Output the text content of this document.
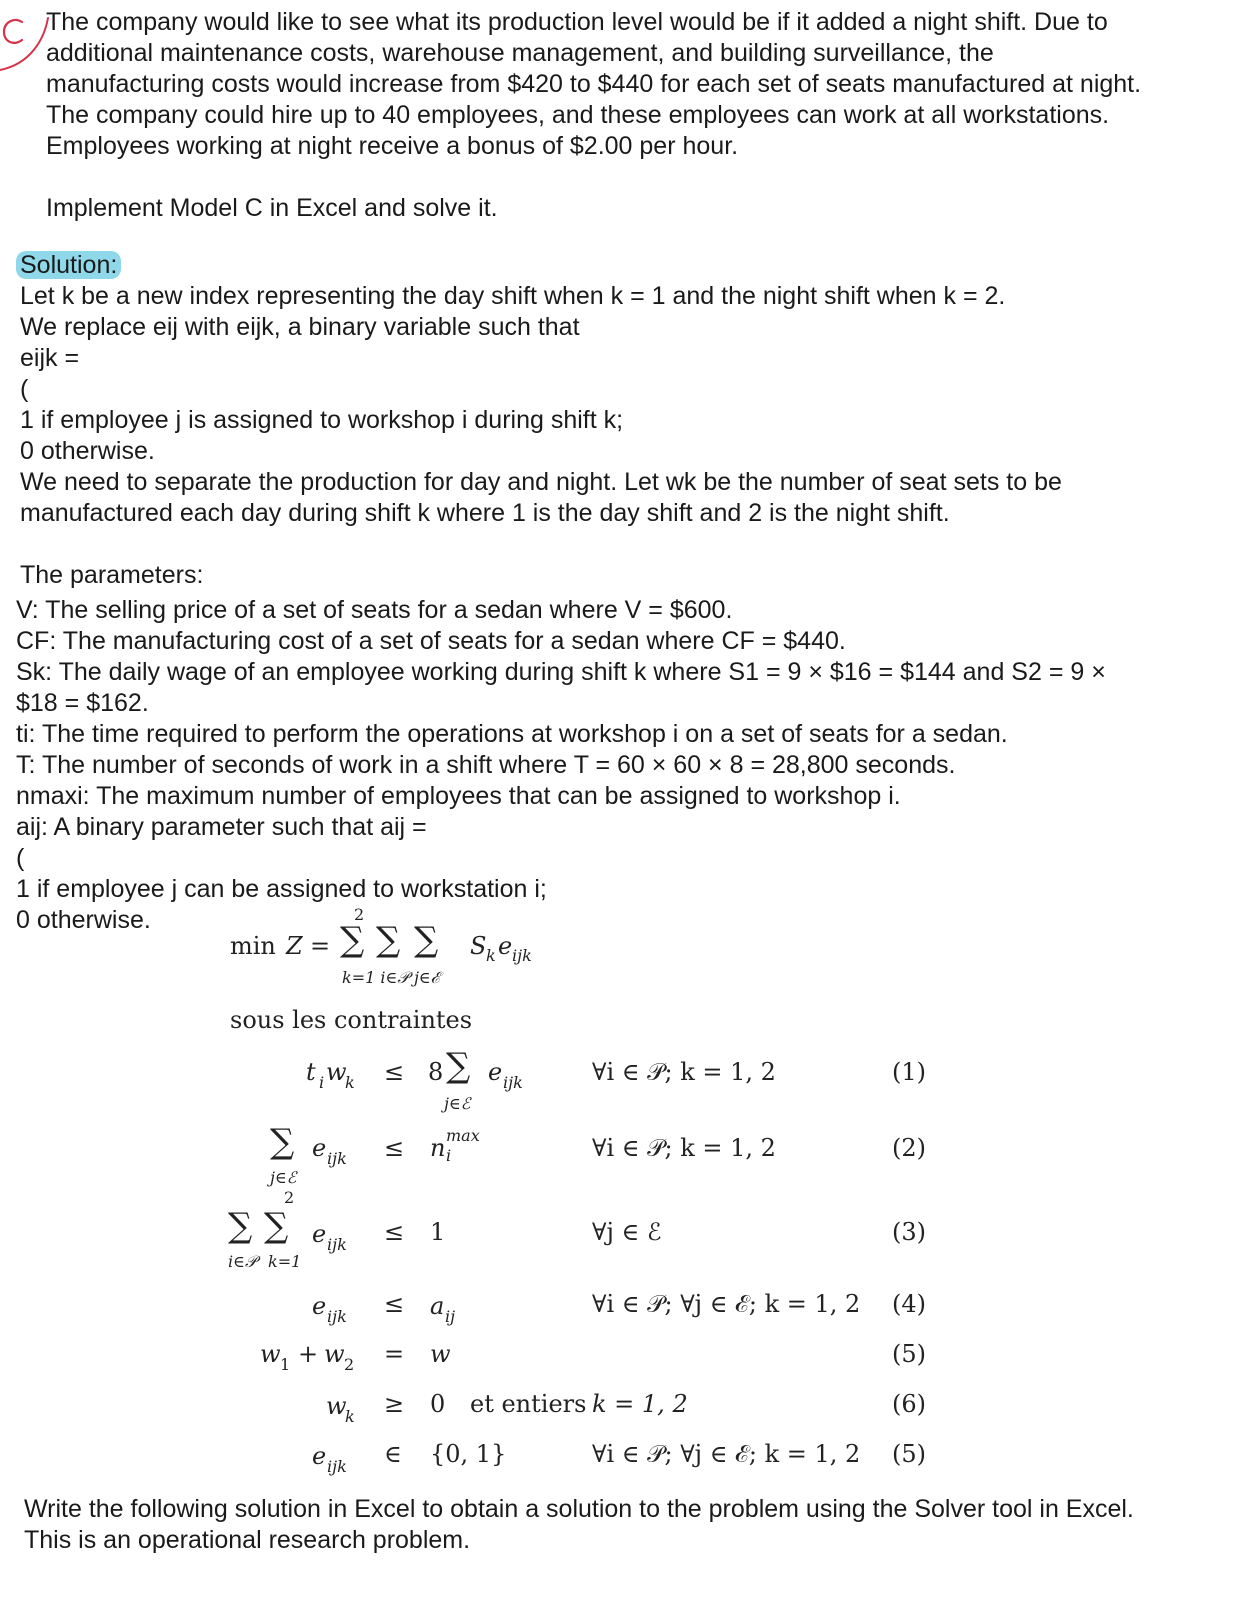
The company would like to see what its production level would be if it added a night shift. Due to
additional maintenance costs, warehouse management, and building surveillance, the
manufacturing costs would increase from $420 to $440 for each set of seats manufactured at night.
The company could hire up to 40 employees, and these employees can work at all workstations.
Employees working at night receive a bonus of $2.00 per hour.
Implement Model C in Excel and solve it.
Solution:
Let k be a new index representing the day shift when k = 1 and the night shift when k = 2.
We replace eij with eijk, a binary variable such that
eijk =
(
1 if employee j is assigned to workshop i during shift k;
0 otherwise.
We need to separate the production for day and night. Let wk be the number of seat sets to be
manufactured each day during shift k where 1 is the day shift and 2 is the night shift.
The parameters:
V: The selling price of a set of seats for a sedan where V = $600.
CF: The manufacturing cost of a set of seats for a sedan where CF = $440.
Sk: The daily wage of an employee working during shift k where S1 = 9 × $16 = $144 and S2 = 9 ×
$18 = $162.
ti: The time required to perform the operations at workshop i on a set of seats for a sedan.
T: The number of seconds of work in a shift where T = 60 × 60 × 8 = 28,800 seconds.
nmaxi: The maximum number of employees that can be assigned to workshop i.
aij: A binary parameter such that aij =
(
1 if employee j can be assigned to workstation i;
0 otherwise.
min Z =
2
∑ ∑ ∑
k=1 i∈𝒫 j∈ℰ
S k e ijk
sous les contraintes
t i w
k ≤ 8 ∑
j∈ℰ
e ijk	∀i ∈ 𝒫; k = 1, 2	(1)
∑
j∈ℰ
e ijk ≤ n max
i	∀i ∈ 𝒫; k = 1, 2	(2)
∑ ∑
2
i∈𝒫 k=1
e ijk ≤ 1	∀j ∈ ℰ	(3)
e ijk ≤ a ij	∀i ∈ 𝒫; ∀j ∈ ℰ; k = 1, 2 (4)
w 1 + w 2 = w	(5)
w
k ≥ 0 et entiers k = 1, 2	(6)
e ijk ∈ {0, 1}	∀i ∈ 𝒫; ∀j ∈ ℰ; k = 1, 2 (5)
Write the following solution in Excel to obtain a solution to the problem using the Solver tool in Excel.
This is an operational research problem.
